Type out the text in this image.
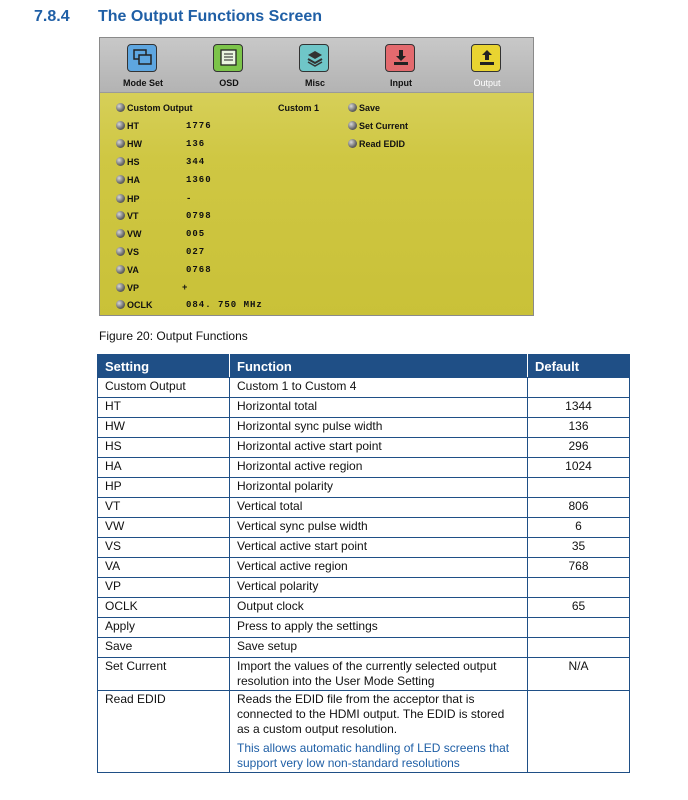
7.8.4 The Output Functions Screen
Mode Set	OSD	Misc	Input	Output
Custom Output	Custom 1
HT	1776
HW	136
HS	344
HA	1360
HP	-
VT	0798
VW	005
VS	027
VA	0768
VP	+
OCLK	084. 750 MHz
Save
Set Current
Read EDID
Figure 20: Output Functions
Setting	Function	Default
Custom Output	Custom 1 to Custom 4	
HT	Horizontal total	1344
HW	Horizontal sync pulse width	136
HS	Horizontal active start point	296
HA	Horizontal active region	1024
HP	Horizontal polarity	
VT	Vertical total	806
VW	Vertical sync pulse width	6
VS	Vertical active start point	35
VA	Vertical active region	768
VP	Vertical polarity	
OCLK	Output clock	65
Apply	Press to apply the settings	
Save	Save setup	
Set Current	Import the values of the currently selected output resolution into the User Mode Setting	N/A
Read EDID	Reads the EDID file from the acceptor that is connected to the HDMI output. The EDID is stored as a custom output resolution.
This allows automatic handling of LED screens that support very low non-standard resolutions	
